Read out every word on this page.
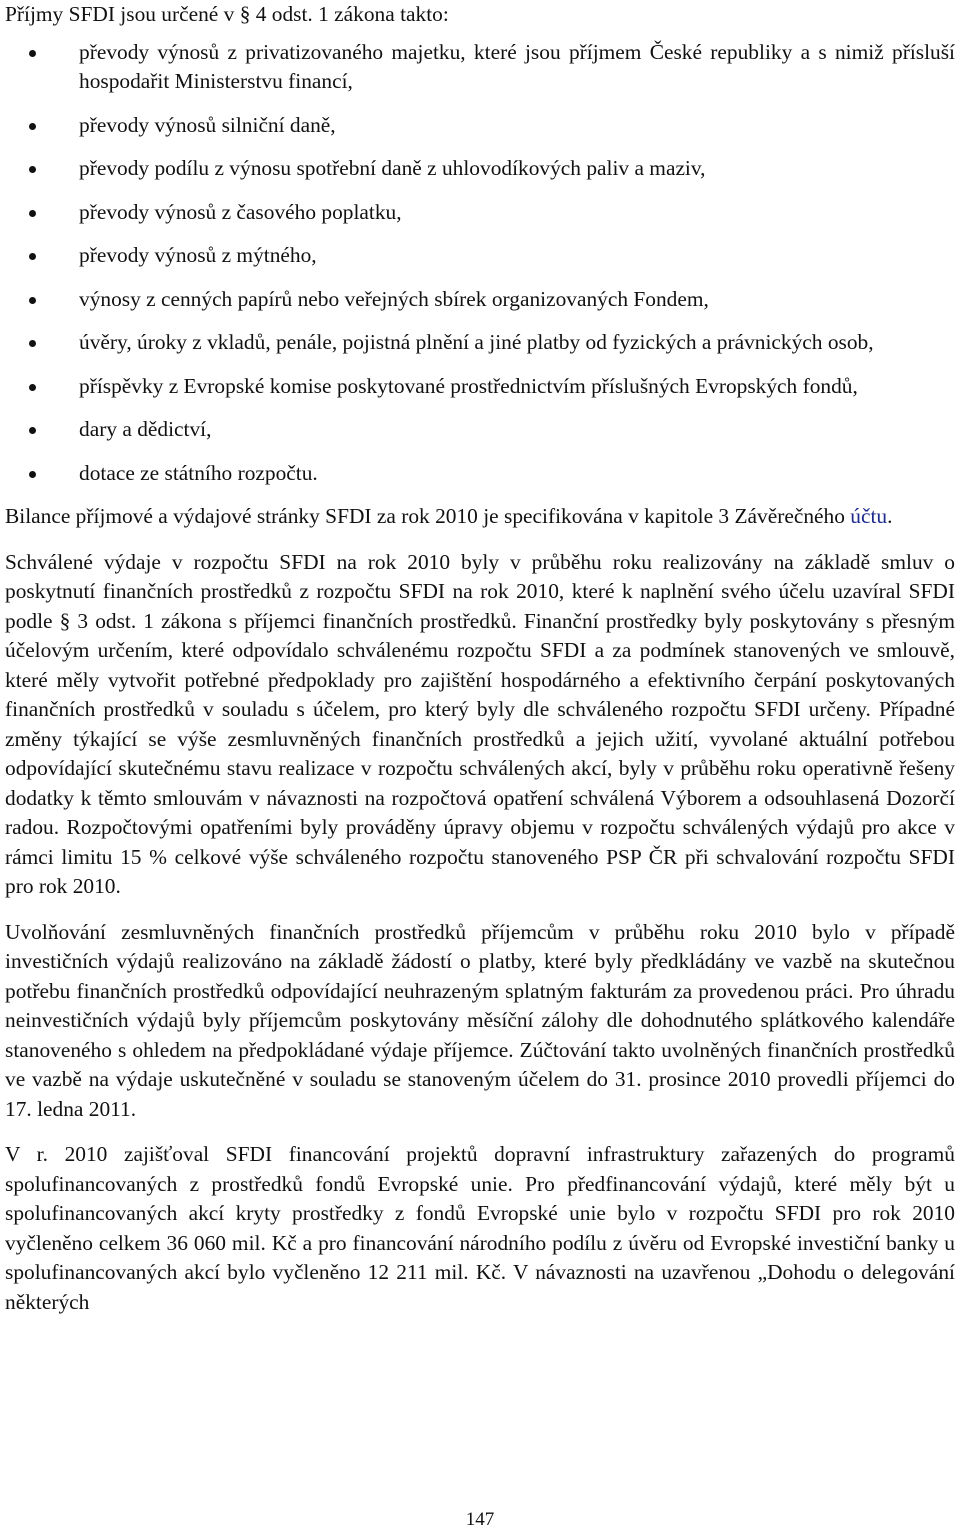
Příjmy SFDI jsou určené v § 4 odst. 1 zákona takto:

převody výnosů z privatizovaného majetku, které jsou příjmem České republiky a s nimiž přísluší hospodařit Ministerstvu financí,
převody výnosů silniční daně,
převody podílu z výnosu spotřební daně z uhlovodíkových paliv a maziv,
převody výnosů z časového poplatku,
převody výnosů z mýtného,
výnosy z cenných papírů nebo veřejných sbírek organizovaných Fondem,
úvěry, úroky z vkladů, penále, pojistná plnění a jiné platby od fyzických a právnických osob,
příspěvky z Evropské komise poskytované prostřednictvím příslušných Evropských fondů,
dary a dědictví,
dotace ze státního rozpočtu.

Bilance příjmové a výdajové stránky SFDI za rok 2010 je specifikována v kapitole 3 Závěrečného účtu.

Schválené výdaje v rozpočtu SFDI na rok 2010 byly v průběhu roku realizovány na základě smluv o poskytnutí finančních prostředků z rozpočtu SFDI na rok 2010, které k naplnění svého účelu uzavíral SFDI podle § 3 odst. 1 zákona s příjemci finančních prostředků. Finanční prostředky byly poskytovány s přesným účelovým určením, které odpovídalo schválenému rozpočtu SFDI a za podmínek stanovených ve smlouvě, které měly vytvořit potřebné předpoklady pro zajištění hospodárného a efektivního čerpání poskytovaných finančních prostředků v souladu s účelem, pro který byly dle schváleného rozpočtu SFDI určeny. Případné změny týkající se výše zesmluvněných finančních prostředků a jejich užití, vyvolané aktuální potřebou odpovídající skutečnému stavu realizace v rozpočtu schválených akcí, byly v průběhu roku operativně řešeny dodatky k těmto smlouvám v návaznosti na rozpočtová opatření schválená Výborem a odsouhlasená Dozorčí radou. Rozpočtovými opatřeními byly prováděny úpravy objemu v rozpočtu schválených výdajů pro akce v rámci limitu 15 % celkové výše schváleného rozpočtu stanoveného PSP ČR při schvalování rozpočtu SFDI pro rok 2010.

Uvolňování zesmluvněných finančních prostředků příjemcům v průběhu roku 2010 bylo v případě investičních výdajů realizováno na základě žádostí o platby, které byly předkládány ve vazbě na skutečnou potřebu finančních prostředků odpovídající neuhrazeným splatným fakturám za provedenou práci. Pro úhradu neinvestičních výdajů byly příjemcům poskytovány měsíční zálohy dle dohodnutého splátkového kalendáře stanoveného s ohledem na předpokládané výdaje příjemce. Zúčtování takto uvolněných finančních prostředků ve vazbě na výdaje uskutečněné v souladu se stanoveným účelem do 31. prosince 2010 provedli příjemci do 17. ledna 2011.

V r. 2010 zajišťoval SFDI financování projektů dopravní infrastruktury zařazených do programů spolufinancovaných z prostředků fondů Evropské unie. Pro předfinancování výdajů, které měly být u spolufinancovaných akcí kryty prostředky z fondů Evropské unie bylo v rozpočtu SFDI pro rok 2010 vyčleněno celkem 36 060 mil. Kč a pro financování národního podílu z úvěru od Evropské investiční banky u spolufinancovaných akcí bylo vyčleněno 12 211 mil. Kč. V návaznosti na uzavřenou „Dohodu o delegování některých

147
